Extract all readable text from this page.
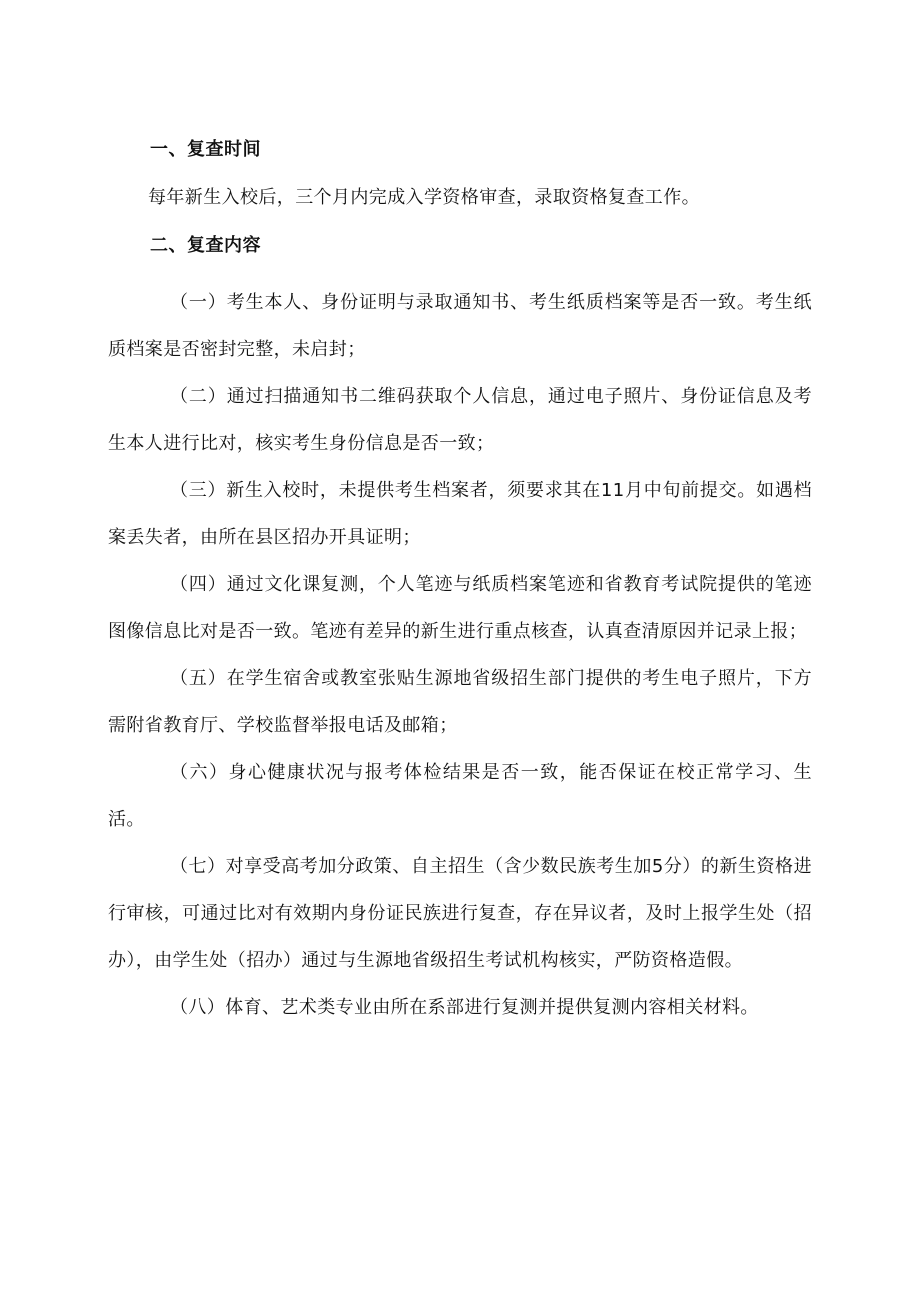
一、复查时间
每年新生入校后，三个月内完成入学资格审查，录取资格复查工作。
二、复查内容

（一）考生本人、身份证明与录取通知书、考生纸质档案等是否一致。考生纸质档案是否密封完整，未启封；

（二）通过扫描通知书二维码获取个人信息，通过电子照片、身份证信息及考生本人进行比对，核实考生身份信息是否一致；

（三）新生入校时，未提供考生档案者，须要求其在11月中旬前提交。如遇档案丢失者，由所在县区招办开具证明；

（四）通过文化课复测，个人笔迹与纸质档案笔迹和省教育考试院提供的笔迹图像信息比对是否一致。笔迹有差异的新生进行重点核查，认真查清原因并记录上报；

（五）在学生宿舍或教室张贴生源地省级招生部门提供的考生电子照片，下方需附省教育厅、学校监督举报电话及邮箱；

（六）身心健康状况与报考体检结果是否一致，能否保证在校正常学习、生活。

（七）对享受高考加分政策、自主招生（含少数民族考生加5分）的新生资格进行审核，可通过比对有效期内身份证民族进行复查，存在异议者，及时上报学生处（招办），由学生处（招办）通过与生源地省级招生考试机构核实，严防资格造假。

（八）体育、艺术类专业由所在系部进行复测并提供复测内容相关材料。
